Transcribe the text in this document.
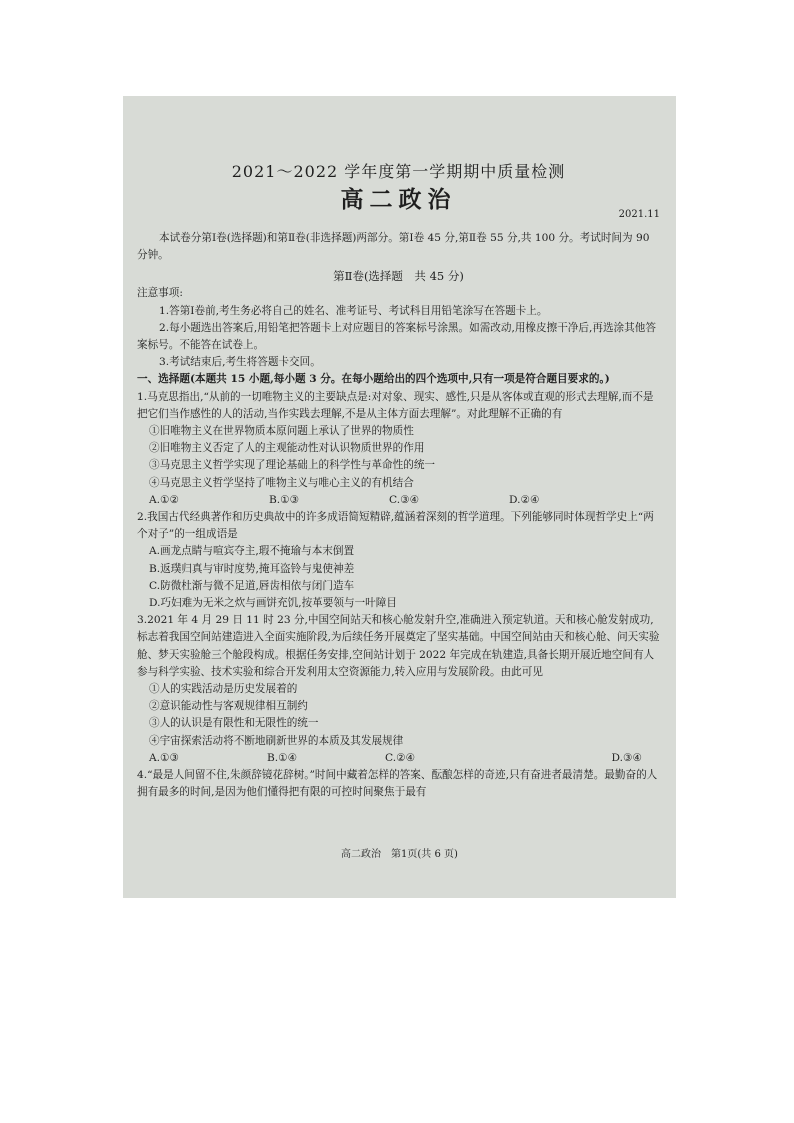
2021～2022 学年度第一学期期中质量检测

高二政治

2021.11

本试卷分第Ⅰ卷(选择题)和第Ⅱ卷(非选择题)两部分。第Ⅰ卷 45 分,第Ⅱ卷 55 分,共 100 分。考试时间为 90 分钟。

第Ⅱ卷(选择题　共 45 分)

注意事项:

1.答第Ⅰ卷前,考生务必将自己的姓名、准考证号、考试科目用铅笔涂写在答题卡上。

2.每小题选出答案后,用铅笔把答题卡上对应题目的答案标号涂黑。如需改动,用橡皮擦干净后,再选涂其他答案标号。不能答在试卷上。

3.考试结束后,考生将答题卡交回。

一、选择题(本题共 15 小题,每小题 3 分。在每小题给出的四个选项中,只有一项是符合题目要求的。)

1.马克思指出,“从前的一切唯物主义的主要缺点是:对对象、现实、感性,只是从客体或直观的形式去理解,而不是把它们当作感性的人的活动,当作实践去理解,不是从主体方面去理解”。对此理解不正确的有

①旧唯物主义在世界物质本原问题上承认了世界的物质性

②旧唯物主义否定了人的主观能动性对认识物质世界的作用

③马克思主义哲学实现了理论基础上的科学性与革命性的统一

④马克思主义哲学坚持了唯物主义与唯心主义的有机结合

A.①②	B.①③	C.③④	D.②④

2.我国古代经典著作和历史典故中的许多成语简短精辟,蕴涵着深刻的哲学道理。下列能够同时体现哲学史上“两个对子”的一组成语是

A.画龙点睛与喧宾夺主,瑕不掩瑜与本末倒置

B.返璞归真与审时度势,掩耳盗铃与鬼使神差

C.防微杜渐与微不足道,唇齿相依与闭门造车

D.巧妇难为无米之炊与画饼充饥,按革要领与一叶障目

3.2021 年 4 月 29 日 11 时 23 分,中国空间站天和核心舱发射升空,准确进入预定轨道。天和核心舱发射成功,标志着我国空间站建造进入全面实施阶段,为后续任务开展奠定了坚实基础。中国空间站由天和核心舱、问天实验舱、梦天实验舱三个舱段构成。根据任务安排,空间站计划于 2022 年完成在轨建造,具备长期开展近地空间有人参与科学实验、技术实验和综合开发利用太空资源能力,转入应用与发展阶段。由此可见

①人的实践活动是历史发展着的

②意识能动性与客观规律相互制约

③人的认识是有限性和无限性的统一

④宇宙探索活动将不断地刷新世界的本质及其发展规律

A.①③	B.①④	C.②④	D.③④

4.“最是人间留不住,朱颜辞镜花辞树。”时间中藏着怎样的答案、酝酿怎样的奇迹,只有奋进者最清楚。最勤奋的人拥有最多的时间,是因为他们懂得把有限的可控时间聚焦于最有

高二政治　第1页(共 6 页)
